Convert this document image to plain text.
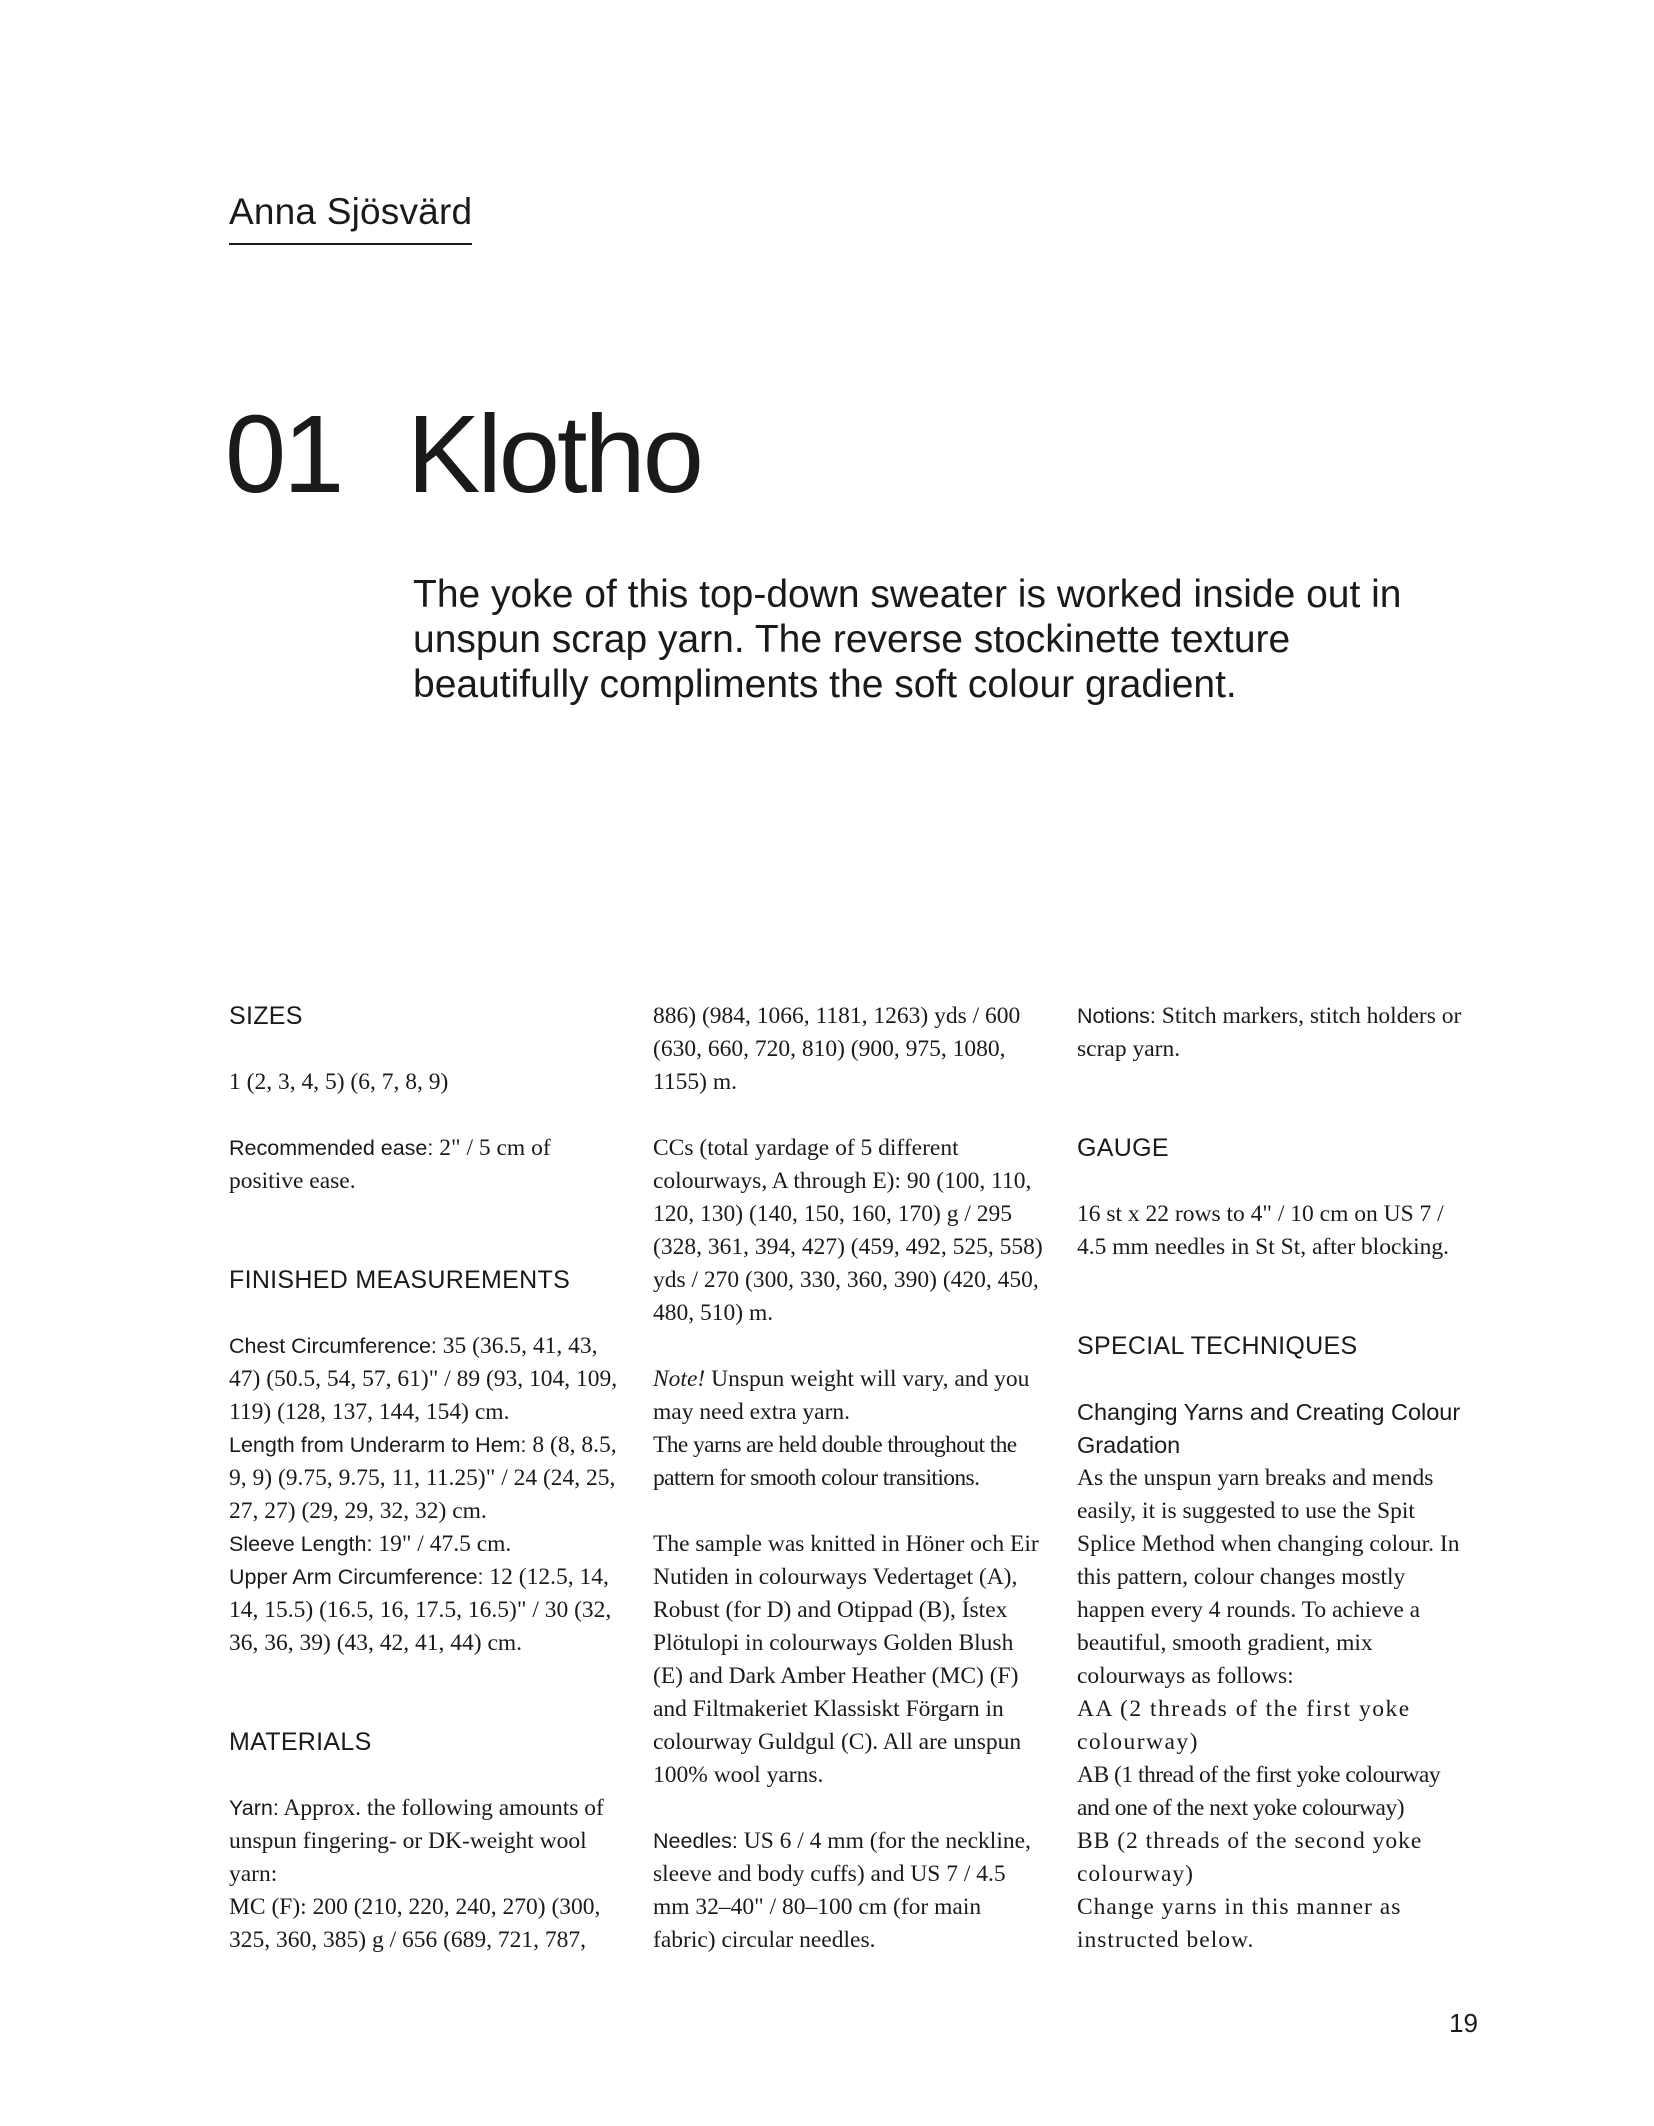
Anna Sjösvärd
01 Klotho

The yoke of this top-down sweater is worked inside out in unspun scrap yarn. The reverse stockinette texture beautifully compliments the soft colour gradient.

SIZES

1 (2, 3, 4, 5) (6, 7, 8, 9)

Recommended ease: 2" / 5 cm of positive ease.

FINISHED MEASUREMENTS

Chest Circumference: 35 (36.5, 41, 43, 47) (50.5, 54, 57, 61)" / 89 (93, 104, 109, 119) (128, 137, 144, 154) cm.

Length from Underarm to Hem: 8 (8, 8.5, 9, 9) (9.75, 9.75, 11, 11.25)" / 24 (24, 25, 27, 27) (29, 29, 32, 32) cm.

Sleeve Length: 19" / 47.5 cm.

Upper Arm Circumference: 12 (12.5, 14, 14, 15.5) (16.5, 16, 17.5, 16.5)" / 30 (32, 36, 36, 39) (43, 42, 41, 44) cm.

MATERIALS

Yarn: Approx. the following amounts of unspun fingering- or DK-weight wool yarn:

MC (F): 200 (210, 220, 240, 270) (300, 325, 360, 385) g / 656 (689, 721, 787,

886) (984, 1066, 1181, 1263) yds / 600 (630, 660, 720, 810) (900, 975, 1080, 1155) m.

CCs (total yardage of 5 different colourways, A through E): 90 (100, 110, 120, 130) (140, 150, 160, 170) g / 295 (328, 361, 394, 427) (459, 492, 525, 558) yds / 270 (300, 330, 360, 390) (420, 450, 480, 510) m.

Note! Unspun weight will vary, and you may need extra yarn.

The yarns are held double throughout the pattern for smooth colour transitions.

The sample was knitted in Höner och Eir Nutiden in colourways Vedertaget (A), Robust (for D) and Otippad (B), Ístex Plötulopi in colourways Golden Blush (E) and Dark Amber Heather (MC) (F) and Filtmakeriet Klassiskt Förgarn in colourway Guldgul (C). All are unspun 100% wool yarns.

Needles: US 6 / 4 mm (for the neckline, sleeve and body cuffs) and US 7 / 4.5 mm 32–40" / 80–100 cm (for main fabric) circular needles.

Notions: Stitch markers, stitch holders or scrap yarn.

GAUGE

16 st x 22 rows to 4" / 10 cm on US 7 / 4.5 mm needles in St St, after blocking.

SPECIAL TECHNIQUES

Changing Yarns and Creating Colour Gradation

As the unspun yarn breaks and mends easily, it is suggested to use the Spit Splice Method when changing colour. In this pattern, colour changes mostly happen every 4 rounds. To achieve a beautiful, smooth gradient, mix colourways as follows:

AA (2 threads of the first yoke colourway)

AB (1 thread of the first yoke colourway and one of the next yoke colourway)

BB (2 threads of the second yoke colourway)

Change yarns in this manner as instructed below.

19
